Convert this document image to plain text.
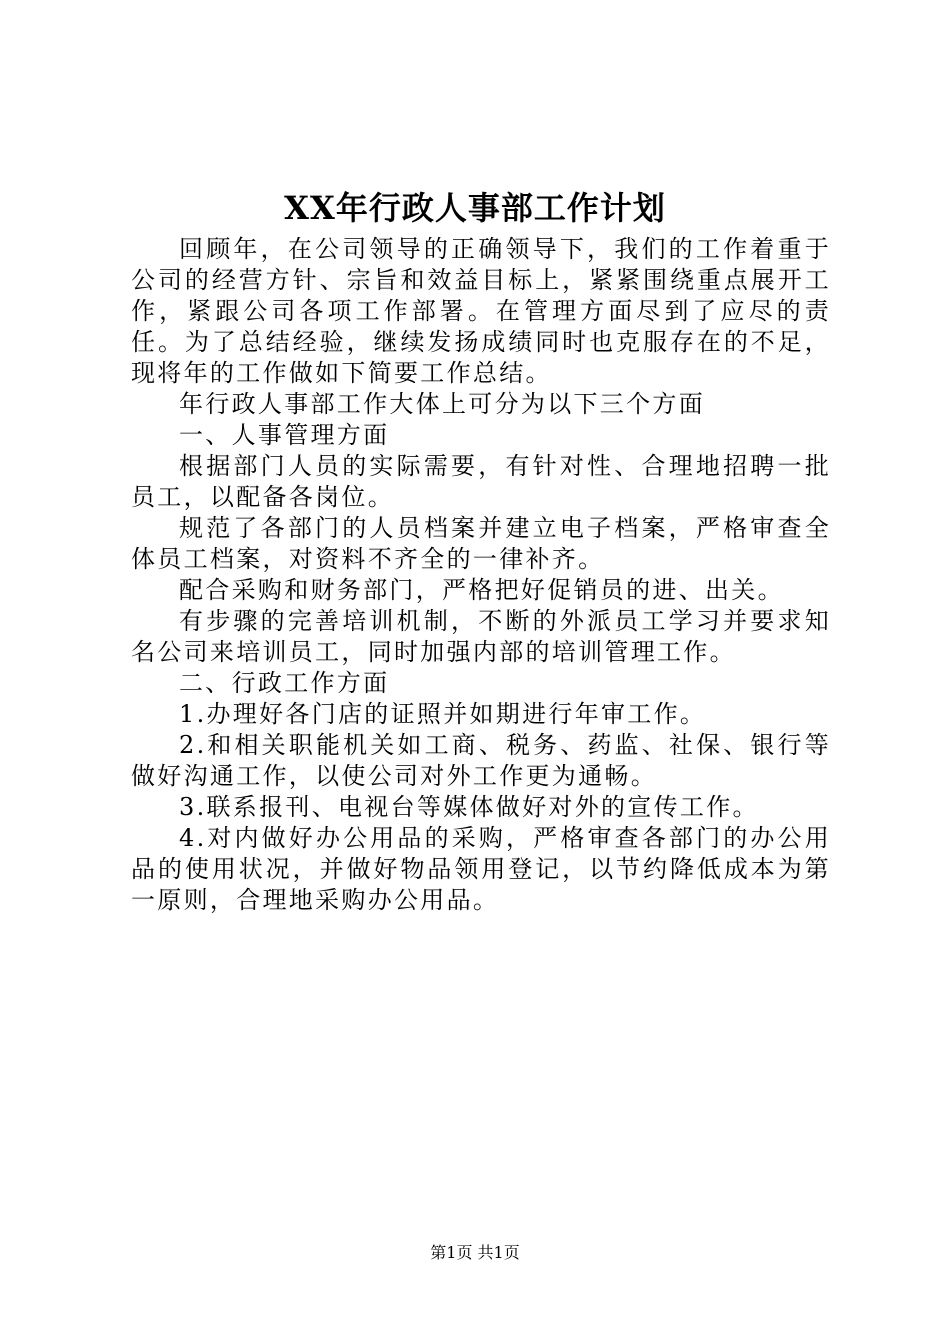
XX年行政人事部工作计划

回顾年，在公司领导的正确领导下，我们的工作着重于公司的经营方针、宗旨和效益目标上，紧紧围绕重点展开工作，紧跟公司各项工作部署。在管理方面尽到了应尽的责任。为了总结经验，继续发扬成绩同时也克服存在的不足，现将年的工作做如下简要工作总结。

年行政人事部工作大体上可分为以下三个方面

一、人事管理方面

根据部门人员的实际需要，有针对性、合理地招聘一批员工，以配备各岗位。

规范了各部门的人员档案并建立电子档案，严格审查全体员工档案，对资料不齐全的一律补齐。

配合采购和财务部门，严格把好促销员的进、出关。

有步骤的完善培训机制，不断的外派员工学习并要求知名公司来培训员工，同时加强内部的培训管理工作。

二、行政工作方面

1.办理好各门店的证照并如期进行年审工作。

2.和相关职能机关如工商、税务、药监、社保、银行等做好沟通工作，以使公司对外工作更为通畅。

3.联系报刊、电视台等媒体做好对外的宣传工作。

4.对内做好办公用品的采购，严格审查各部门的办公用品的使用状况，并做好物品领用登记，以节约降低成本为第一原则，合理地采购办公用品。

第1页 共1页
